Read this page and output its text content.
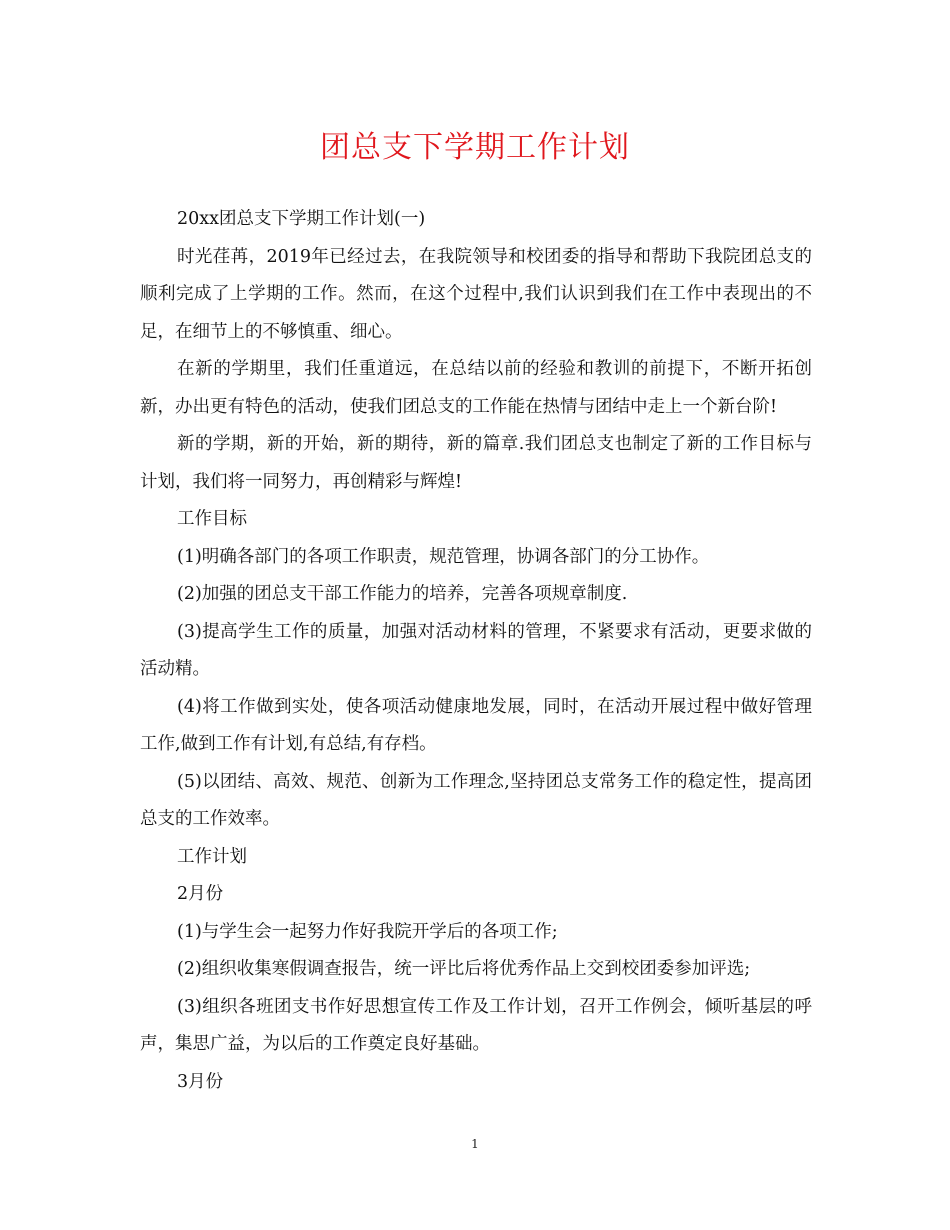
团总支下学期工作计划

20xx团总支下学期工作计划(一)

时光荏苒，2019年已经过去，在我院领导和校团委的指导和帮助下我院团总支的顺利完成了上学期的工作。然而，在这个过程中,我们认识到我们在工作中表现出的不足，在细节上的不够慎重、细心。

在新的学期里，我们任重道远，在总结以前的经验和教训的前提下，不断开拓创新，办出更有特色的活动，使我们团总支的工作能在热情与团结中走上一个新台阶!

新的学期，新的开始，新的期待，新的篇章.我们团总支也制定了新的工作目标与计划，我们将一同努力，再创精彩与辉煌!

工作目标

(1)明确各部门的各项工作职责，规范管理，协调各部门的分工协作。

(2)加强的团总支干部工作能力的培养，完善各项规章制度.

(3)提高学生工作的质量，加强对活动材料的管理，不紧要求有活动，更要求做的活动精。

(4)将工作做到实处，使各项活动健康地发展，同时，在活动开展过程中做好管理工作,做到工作有计划,有总结,有存档。

(5)以团结、高效、规范、创新为工作理念,坚持团总支常务工作的稳定性，提高团总支的工作效率。

工作计划

2月份

(1)与学生会一起努力作好我院开学后的各项工作;

(2)组织收集寒假调查报告，统一评比后将优秀作品上交到校团委参加评选;

(3)组织各班团支书作好思想宣传工作及工作计划，召开工作例会，倾听基层的呼声，集思广益，为以后的工作奠定良好基础。

3月份

1
